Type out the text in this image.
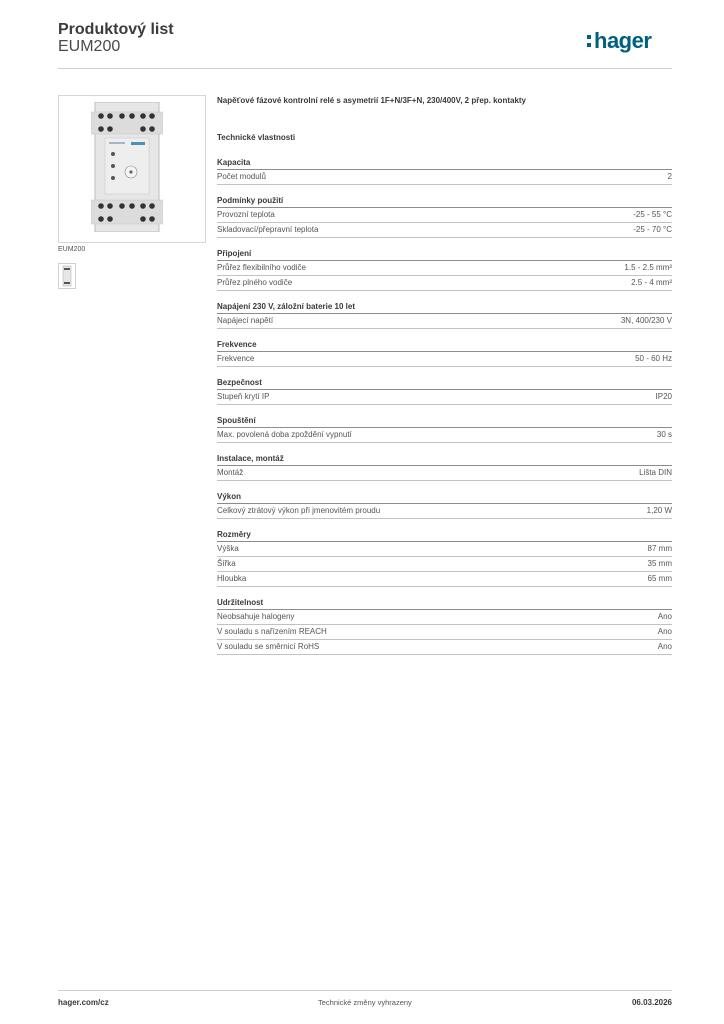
Produktový list
EUM200	hager
EUM200

Napěťové fázové kontrolní relé s asymetrií 1F+N/3F+N, 230/400V, 2 přep. kontakty

Technické vlastnosti

Kapacita
Počet modulů	2
Podmínky použití
Provozní teplota	-25 - 55 °C
Skladovací/přepravní teplota	-25 - 70 °C
Připojení
Průřez flexibilního vodiče	1.5 - 2.5 mm²
Průřez plného vodiče	2.5 - 4 mm²
Napájení 230 V, záložní baterie 10 let
Napájecí napětí	3N, 400/230 V
Frekvence
Frekvence	50 - 60 Hz
Bezpečnost
Stupeň krytí IP	IP20
Spouštění
Max. povolená doba zpoždění vypnutí	30 s
Instalace, montáž
Montáž	Lišta DIN
Výkon
Celkový ztrátový výkon při jmenovitém proudu	1,20 W
Rozměry
Výška	87 mm
Šířka	35 mm
Hloubka	65 mm
Udržitelnost
Neobsahuje halogeny	Ano
V souladu s nařízením REACH	Ano
V souladu se směrnicí RoHS	Ano
hager.com/cz	Technické změny vyhrazeny	06.03.2026
